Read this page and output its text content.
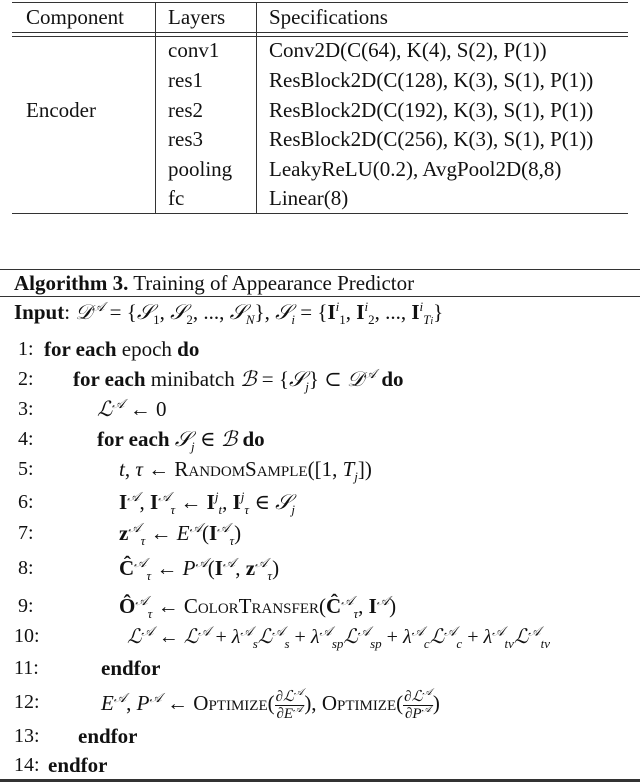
Component Layers Specifications
Encoder
conv1 Conv2D(C(64), K(4), S(2), P(1))
res1	ResBlock2D(C(128), K(3), S(1), P(1))
res2	ResBlock2D(C(192), K(3), S(1), P(1))
res3	ResBlock2D(C(256), K(3), S(1), P(1))
pooling LeakyReLU(0.2), AvgPool2D(8,8)
fc	Linear(8)
Algorithm 3. Training of Appearance Predictor
Input: 𝒟$^𝒜$ = {𝒮$_1$, 𝒮$_2$, ..., 𝒮$_N$}, 𝒮$_i$ = {$I^i_1$, $I^i_2$, ..., $I^i_{Ti}$}
1:
2:
3:
4:
5:
6:
7:
8:
9:
10:
11:
12:
13:
14:
for each epoch do
for each minibatch ℬ = {𝒮$_j$} ⊂ 𝒟$^𝒜$ do
ℒ$^𝒜$ ← 0
for each 𝒮$_j$ ∈ ℬ do
t, τ ← RandomSample([1, $T_j$])
$I^𝒜$, $I^𝒜_\tau$ ← $I^j_t$, $I^j_\tau$ ∈ 𝒮$_j$
$z^𝒜_\tau$ ← $E^𝒜(I^𝒜_\tau)$
$Ĉ^𝒜_\tau$ ← $P^𝒜(I^𝒜$, $z^𝒜_\tau$)
$Ô^𝒜_\tau$ ← $ColorTransfer(Ĉ^𝒜_\tau$, $I^𝒜$)
ℒ$^𝒜$ ← ℒ$^𝒜$ + $\lambda^𝒜_sℒ^𝒜_s$ + $\lambda^𝒜_{sp}ℒ^𝒜_{sp}$ + $\lambda^𝒜_cℒ^𝒜_c$ + $\lambda^𝒜_{tv}ℒ^𝒜_{tv}$
endfor
$E^𝒜$, $P^𝒜$ ← Optimize( $\frac{\partial ℒ^𝒜}{\partial E^𝒜}$ ), Optimize( $\frac{\partial ℒ^𝒜}{\partial P^𝒜}$ )
endfor
endfor
